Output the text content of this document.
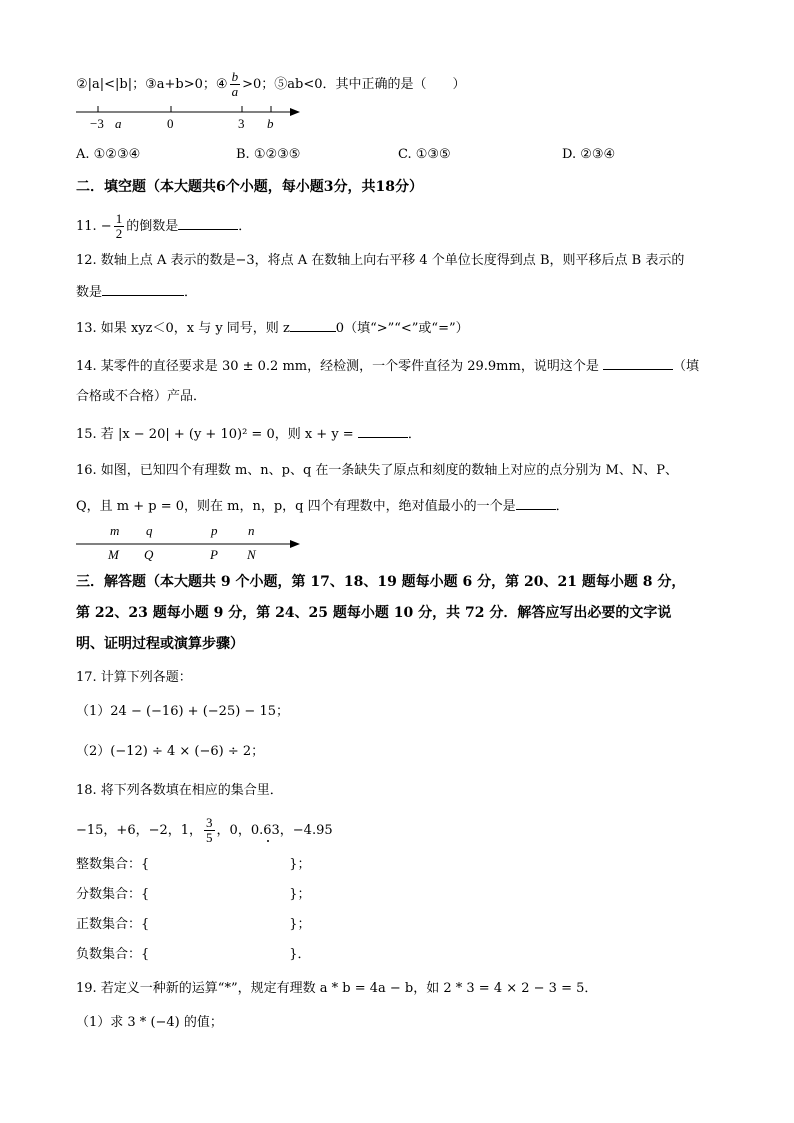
②|a|<|b|；③a+b>0；④ $\frac{b}{a} >0$；⑤ab<0．其中正确的是（　　）
−3 a	0	3 b
A. ①②③④	B. ①②③⑤	C. ①③⑤	D. ②③④
二．填空题（本大题共6个小题，每小题3分，共18分）
11. − $\frac{1}{2}$ 的倒数是	．
12. 数轴上点 A 表示的数是−3，将点 A 在数轴上向右平移 4 个单位长度得到点 B，则平移后点 B 表示的
数是	．
13. 如果 xyz＜0，x 与 y 同号，则 z	0（填“>”“<”或“=”）
14. 某零件的直径要求是 30 ± 0.2 mm，经检测，一个零件直径为 29.9mm，说明这个是	（填
合格或不合格）产品．
15. 若 |x − 20| + (y + 10)² = 0，则 x + y =	．
16. 如图，已知四个有理数 m、n、p、q 在一条缺失了原点和刻度的数轴上对应的点分别为 M、N、P、
Q，且 m + p = 0，则在 m，n，p，q 四个有理数中，绝对值最小的一个是	．
m q	p n
M Q	P N
三．解答题（本大题共 9 个小题，第 17、18、19 题每小题 6 分，第 20、21 题每小题 8 分，
第 22、23 题每小题 9 分，第 24、25 题每小题 10 分，共 72 分．解答应写出必要的文字说
明、证明过程或演算步骤）
17. 计算下列各题：
（1）24 − (−16) + (−25) − 15；
（2）(−12) ÷ 4 × (−6) ÷ 2；
18. 将下列各数填在相应的集合里．
−15，+6，−2，1， $\frac{3}{5}$ ，0，0.63，−4.95
整数集合：{	}；
分数集合：{	}；
正数集合：{	}；
负数集合：{	}．
19. 若定义一种新的运算“*”，规定有理数 a * b = 4a − b，如 2 * 3 = 4 × 2 − 3 = 5．
（1）求 3 * (−4) 的值；
